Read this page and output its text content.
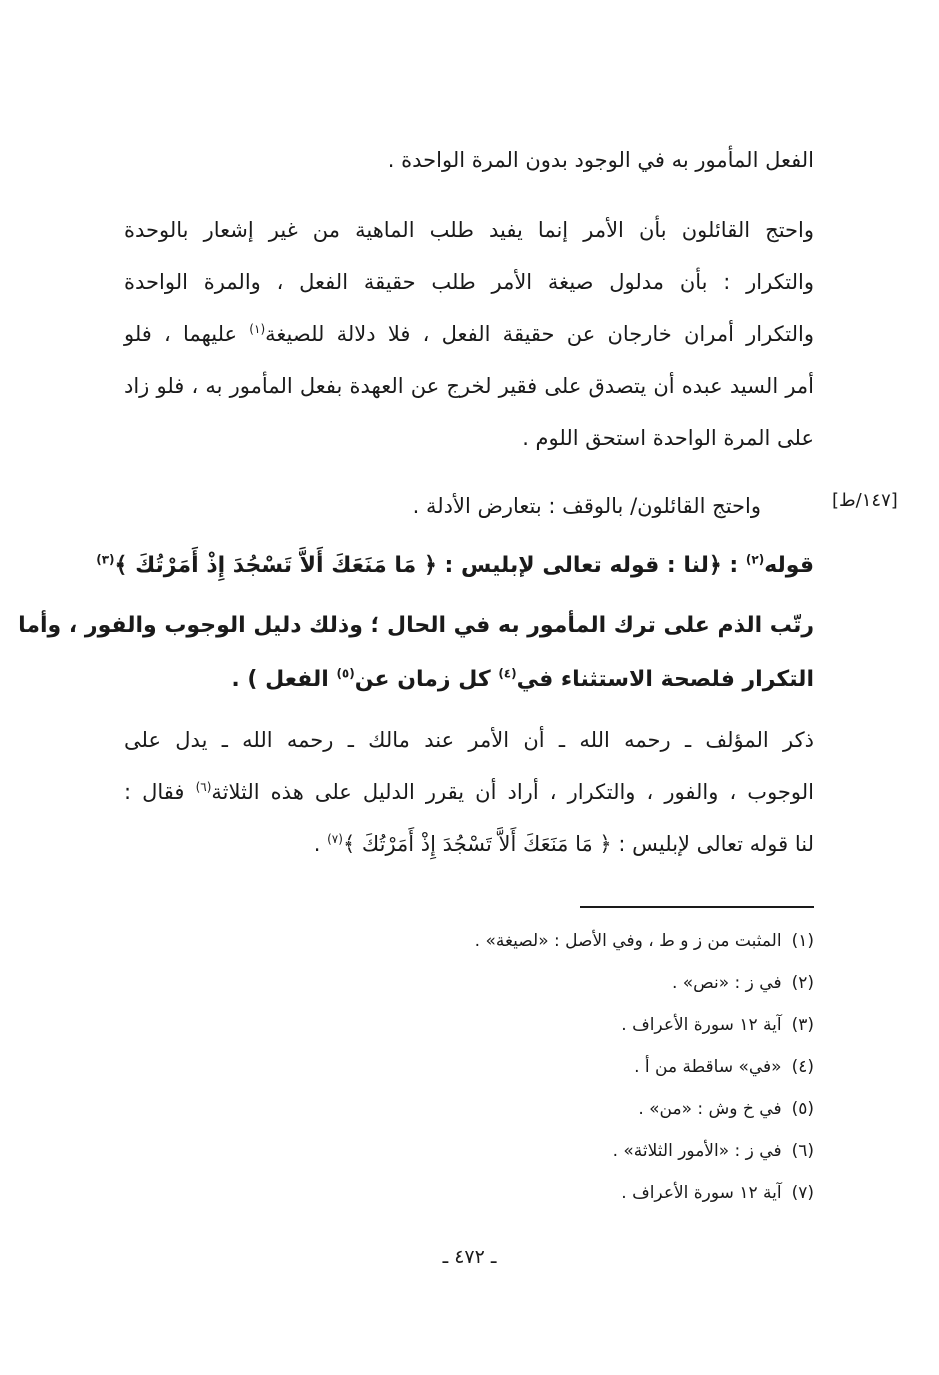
الفعل المأمور به في الوجود بدون المرة الواحدة .
واحتج القائلون بأن الأمر إنما يفيد طلب الماهية من غير إشعار بالوحدة
والتكرار : بأن مدلول صيغة الأمر طلب حقيقة الفعل ، والمرة الواحدة
والتكرار أمران خارجان عن حقيقة الفعل ، فلا دلالة للصيغة$^{(١)}$ عليهما ، فلو
أمر السيد عبده أن يتصدق على فقير لخرج عن العهدة بفعل المأمور به ، فلو زاد
على المرة الواحدة استحق اللوم .
واحتج القائلون/ بالوقف : بتعارض الأدلة .	[١٤٧/ط]
قوله$^{(٢)}$ : ﴿لنا : قوله تعالى لإبليس : ﴿ مَا مَنَعَكَ أَلاَّ تَسْجُدَ إِذْ أَمَرْتُكَ ﴾$^{(٣)}$
رتّب الذم على ترك المأمور به في الحال ؛ وذلك دليل الوجوب والفور ، وأما
التكرار فلصحة الاستثناء في$^{(٤)}$ كل زمان عن$^{(٥)}$ الفعل ) .
ذكر المؤلف ـ رحمه الله ـ أن الأمر عند مالك ـ رحمه الله ـ يدل على
الوجوب ، والفور ، والتكرار ، أراد أن يقرر الدليل على هذه الثلاثة$^{(٦)}$ فقال :
لنا قوله تعالى لإبليس : ﴿ مَا مَنَعَكَ أَلاَّ تَسْجُدَ إِذْ أَمَرْتُكَ ﴾$^{(٧)}$ .
(١)المثبت من ز و ط ، وفي الأصل : «لصيغة» .
(٢)في ز : «نص» .
(٣)آية ١٢ سورة الأعراف .
(٤)«في» ساقطة من أ .
(٥)في خ وش : «من» .
(٦)في ز : «الأمور الثلاثة» .
(٧)آية ١٢ سورة الأعراف .
ـ ٤٧٢ ـ
